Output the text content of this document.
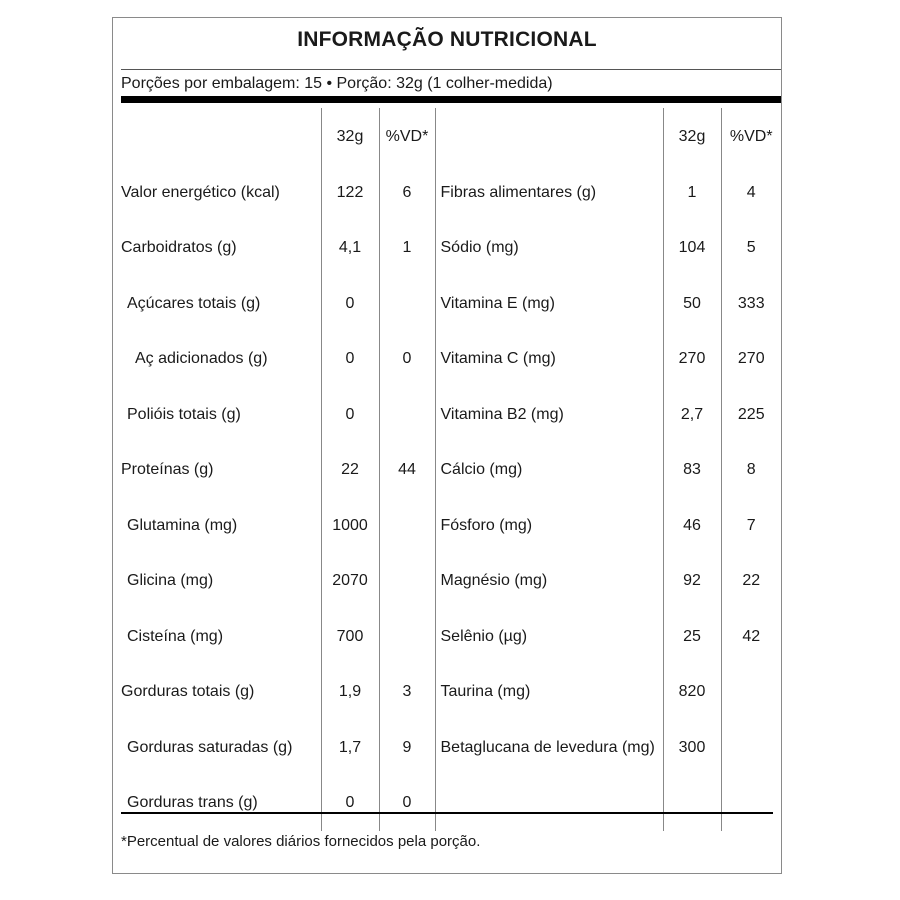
INFORMAÇÃO NUTRICIONAL
Porções por embalagem: 15 • Porção: 32g (1 colher-medida)
	32g	%VD*		32g	%VD*
Valor energético (kcal)	122	6	Fibras alimentares (g)	1	4
Carboidratos (g)	4,1	1	Sódio (mg)	104	5
Açúcares totais (g)	0		Vitamina E (mg)	50	333
Aç adicionados (g)	0	0	Vitamina C (mg)	270	270
Polióis totais (g)	0		Vitamina B2 (mg)	2,7	225
Proteínas (g)	22	44	Cálcio (mg)	83	8
Glutamina (mg)	1000		Fósforo (mg)	46	7
Glicina (mg)	2070		Magnésio (mg)	92	22
Cisteína (mg)	700		Selênio (µg)	25	42
Gorduras totais (g)	1,9	3	Taurina (mg)	820	
Gorduras saturadas (g)	1,7	9	Betaglucana de levedura (mg)	300	
Gorduras trans (g)	0	0			
*Percentual de valores diários fornecidos pela porção.
